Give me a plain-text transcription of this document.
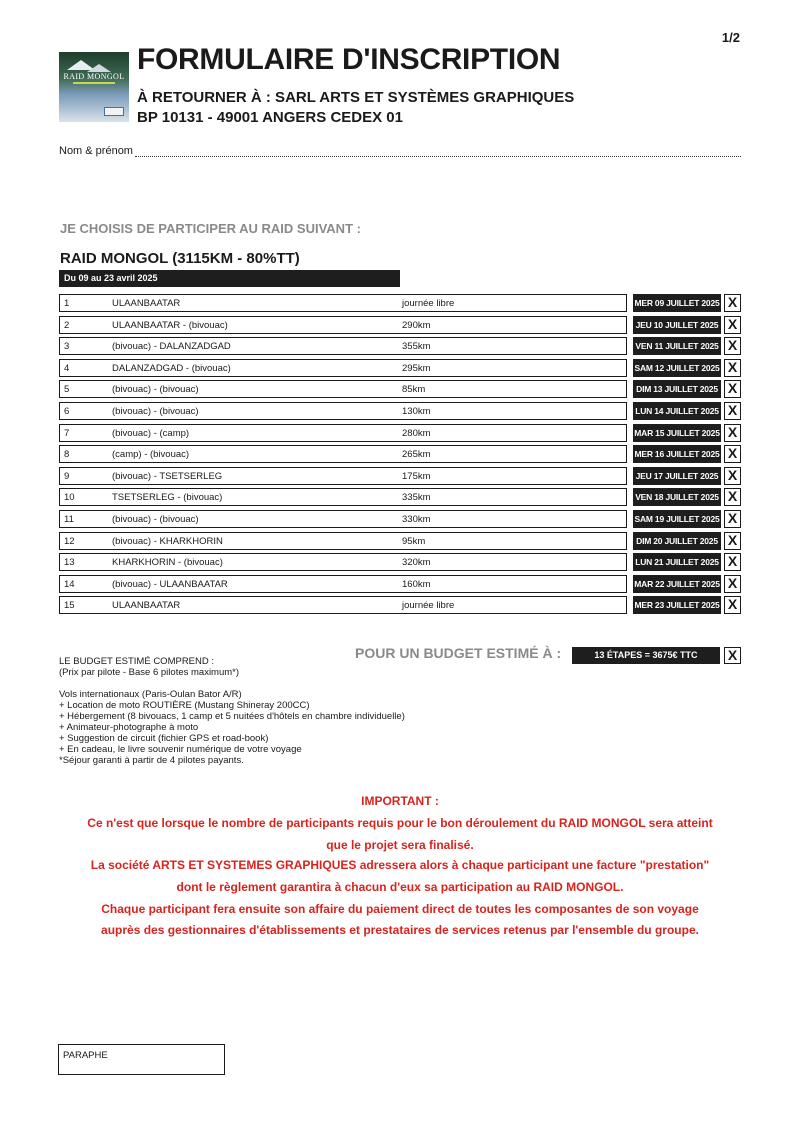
1/2
RAID MONGOL
FORMULAIRE D'INSCRIPTION
À RETOURNER À : SARL ARTS ET SYSTÈMES GRAPHIQUES
BP 10131 - 49001 ANGERS CEDEX 01
Nom & prénom
JE CHOISIS DE PARTICIPER AU RAID SUIVANT :
RAID MONGOL (3115KM - 80%TT)
Du 09 au 23 avril 2025
1	ULAANBAATAR	journée libre	MER 09 JUILLET 2025 X
2	ULAANBAATAR - (bivouac)	290km	JEU 10 JUILLET 2025 X
3	(bivouac) - DALANZADGAD	355km	VEN 11 JUILLET 2025 X
4	DALANZADGAD - (bivouac)	295km	SAM 12 JUILLET 2025 X
5	(bivouac) - (bivouac)	85km	DIM 13 JUILLET 2025 X
6	(bivouac) - (bivouac)	130km	LUN 14 JUILLET 2025 X
7	(bivouac) - (camp)	280km	MAR 15 JUILLET 2025 X
8	(camp) - (bivouac)	265km	MER 16 JUILLET 2025 X
9	(bivouac) - TSETSERLEG	175km	JEU 17 JUILLET 2025 X
10	TSETSERLEG - (bivouac)	335km	VEN 18 JUILLET 2025 X
11	(bivouac) - (bivouac)	330km	SAM 19 JUILLET 2025 X
12	(bivouac) - KHARKHORIN	95km	DIM 20 JUILLET 2025 X
13	KHARKHORIN - (bivouac)	320km	LUN 21 JUILLET 2025 X
14	(bivouac) - ULAANBAATAR	160km	MAR 22 JUILLET 2025 X
15	ULAANBAATAR	journée libre	MER 23 JUILLET 2025 X
POUR UN BUDGET ESTIMÉ À :	13 ÉTAPES = 3675€ TTC	X
LE BUDGET ESTIMÉ COMPREND :
(Prix par pilote - Base 6 pilotes maximum*)
Vols internationaux (Paris-Oulan Bator A/R)
+ Location de moto ROUTIÈRE (Mustang Shineray 200CC)
+ Hébergement (8 bivouacs, 1 camp et 5 nuitées d'hôtels en chambre individuelle)
+ Animateur-photographe à moto
+ Suggestion de circuit (fichier GPS et road-book)
+ En cadeau, le livre souvenir numérique de votre voyage
*Séjour garanti à partir de 4 pilotes payants.
IMPORTANT :
Ce n'est que lorsque le nombre de participants requis pour le bon déroulement du RAID MONGOL sera atteint
que le projet sera finalisé.
La société ARTS ET SYSTEMES GRAPHIQUES adressera alors à chaque participant une facture "prestation"
dont le règlement garantira à chacun d'eux sa participation au RAID MONGOL.
Chaque participant fera ensuite son affaire du paiement direct de toutes les composantes de son voyage
auprès des gestionnaires d'établissements et prestataires de services retenus par l'ensemble du groupe.
PARAPHE
